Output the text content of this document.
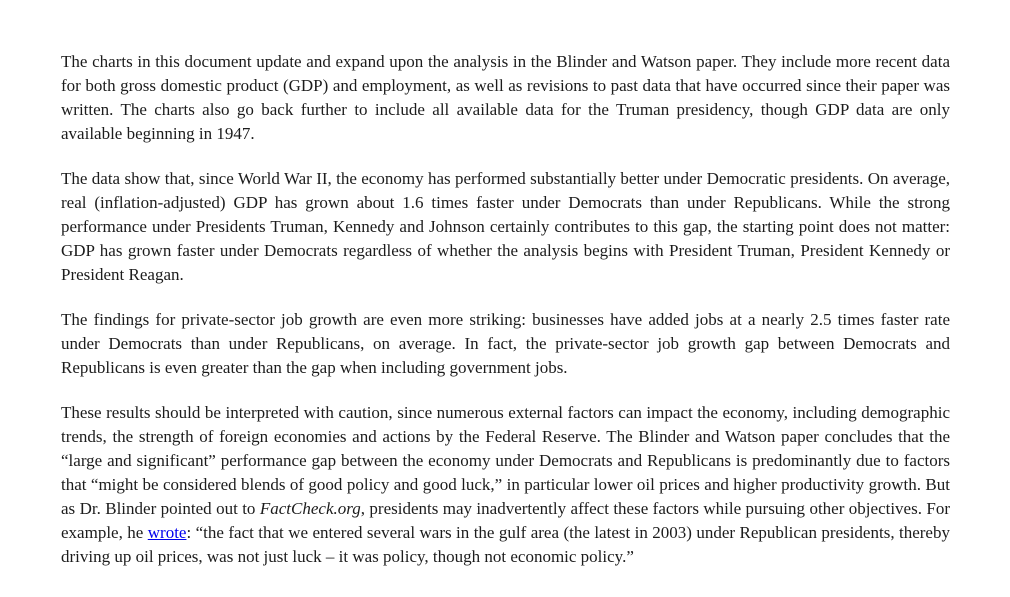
The charts in this document update and expand upon the analysis in the Blinder and Watson paper. They include more recent data for both gross domestic product (GDP) and employment, as well as revisions to past data that have occurred since their paper was written. The charts also go back further to include all available data for the Truman presidency, though GDP data are only available beginning in 1947.

The data show that, since World War II, the economy has performed substantially better under Democratic presidents. On average, real (inflation-adjusted) GDP has grown about 1.6 times faster under Democrats than under Republicans. While the strong performance under Presidents Truman, Kennedy and Johnson certainly contributes to this gap, the starting point does not matter: GDP has grown faster under Democrats regardless of whether the analysis begins with President Truman, President Kennedy or President Reagan.

The findings for private-sector job growth are even more striking: businesses have added jobs at a nearly 2.5 times faster rate under Democrats than under Republicans, on average. In fact, the private-sector job growth gap between Democrats and Republicans is even greater than the gap when including government jobs.

These results should be interpreted with caution, since numerous external factors can impact the economy, including demographic trends, the strength of foreign economies and actions by the Federal Reserve. The Blinder and Watson paper concludes that the “large and significant” performance gap between the economy under Democrats and Republicans is predominantly due to factors that “might be considered blends of good policy and good luck,” in particular lower oil prices and higher productivity growth. But as Dr. Blinder pointed out to FactCheck.org, presidents may inadvertently affect these factors while pursuing other objectives. For example, he wrote: “the fact that we entered several wars in the gulf area (the latest in 2003) under Republican presidents, thereby driving up oil prices, was not just luck – it was policy, though not economic policy.”
